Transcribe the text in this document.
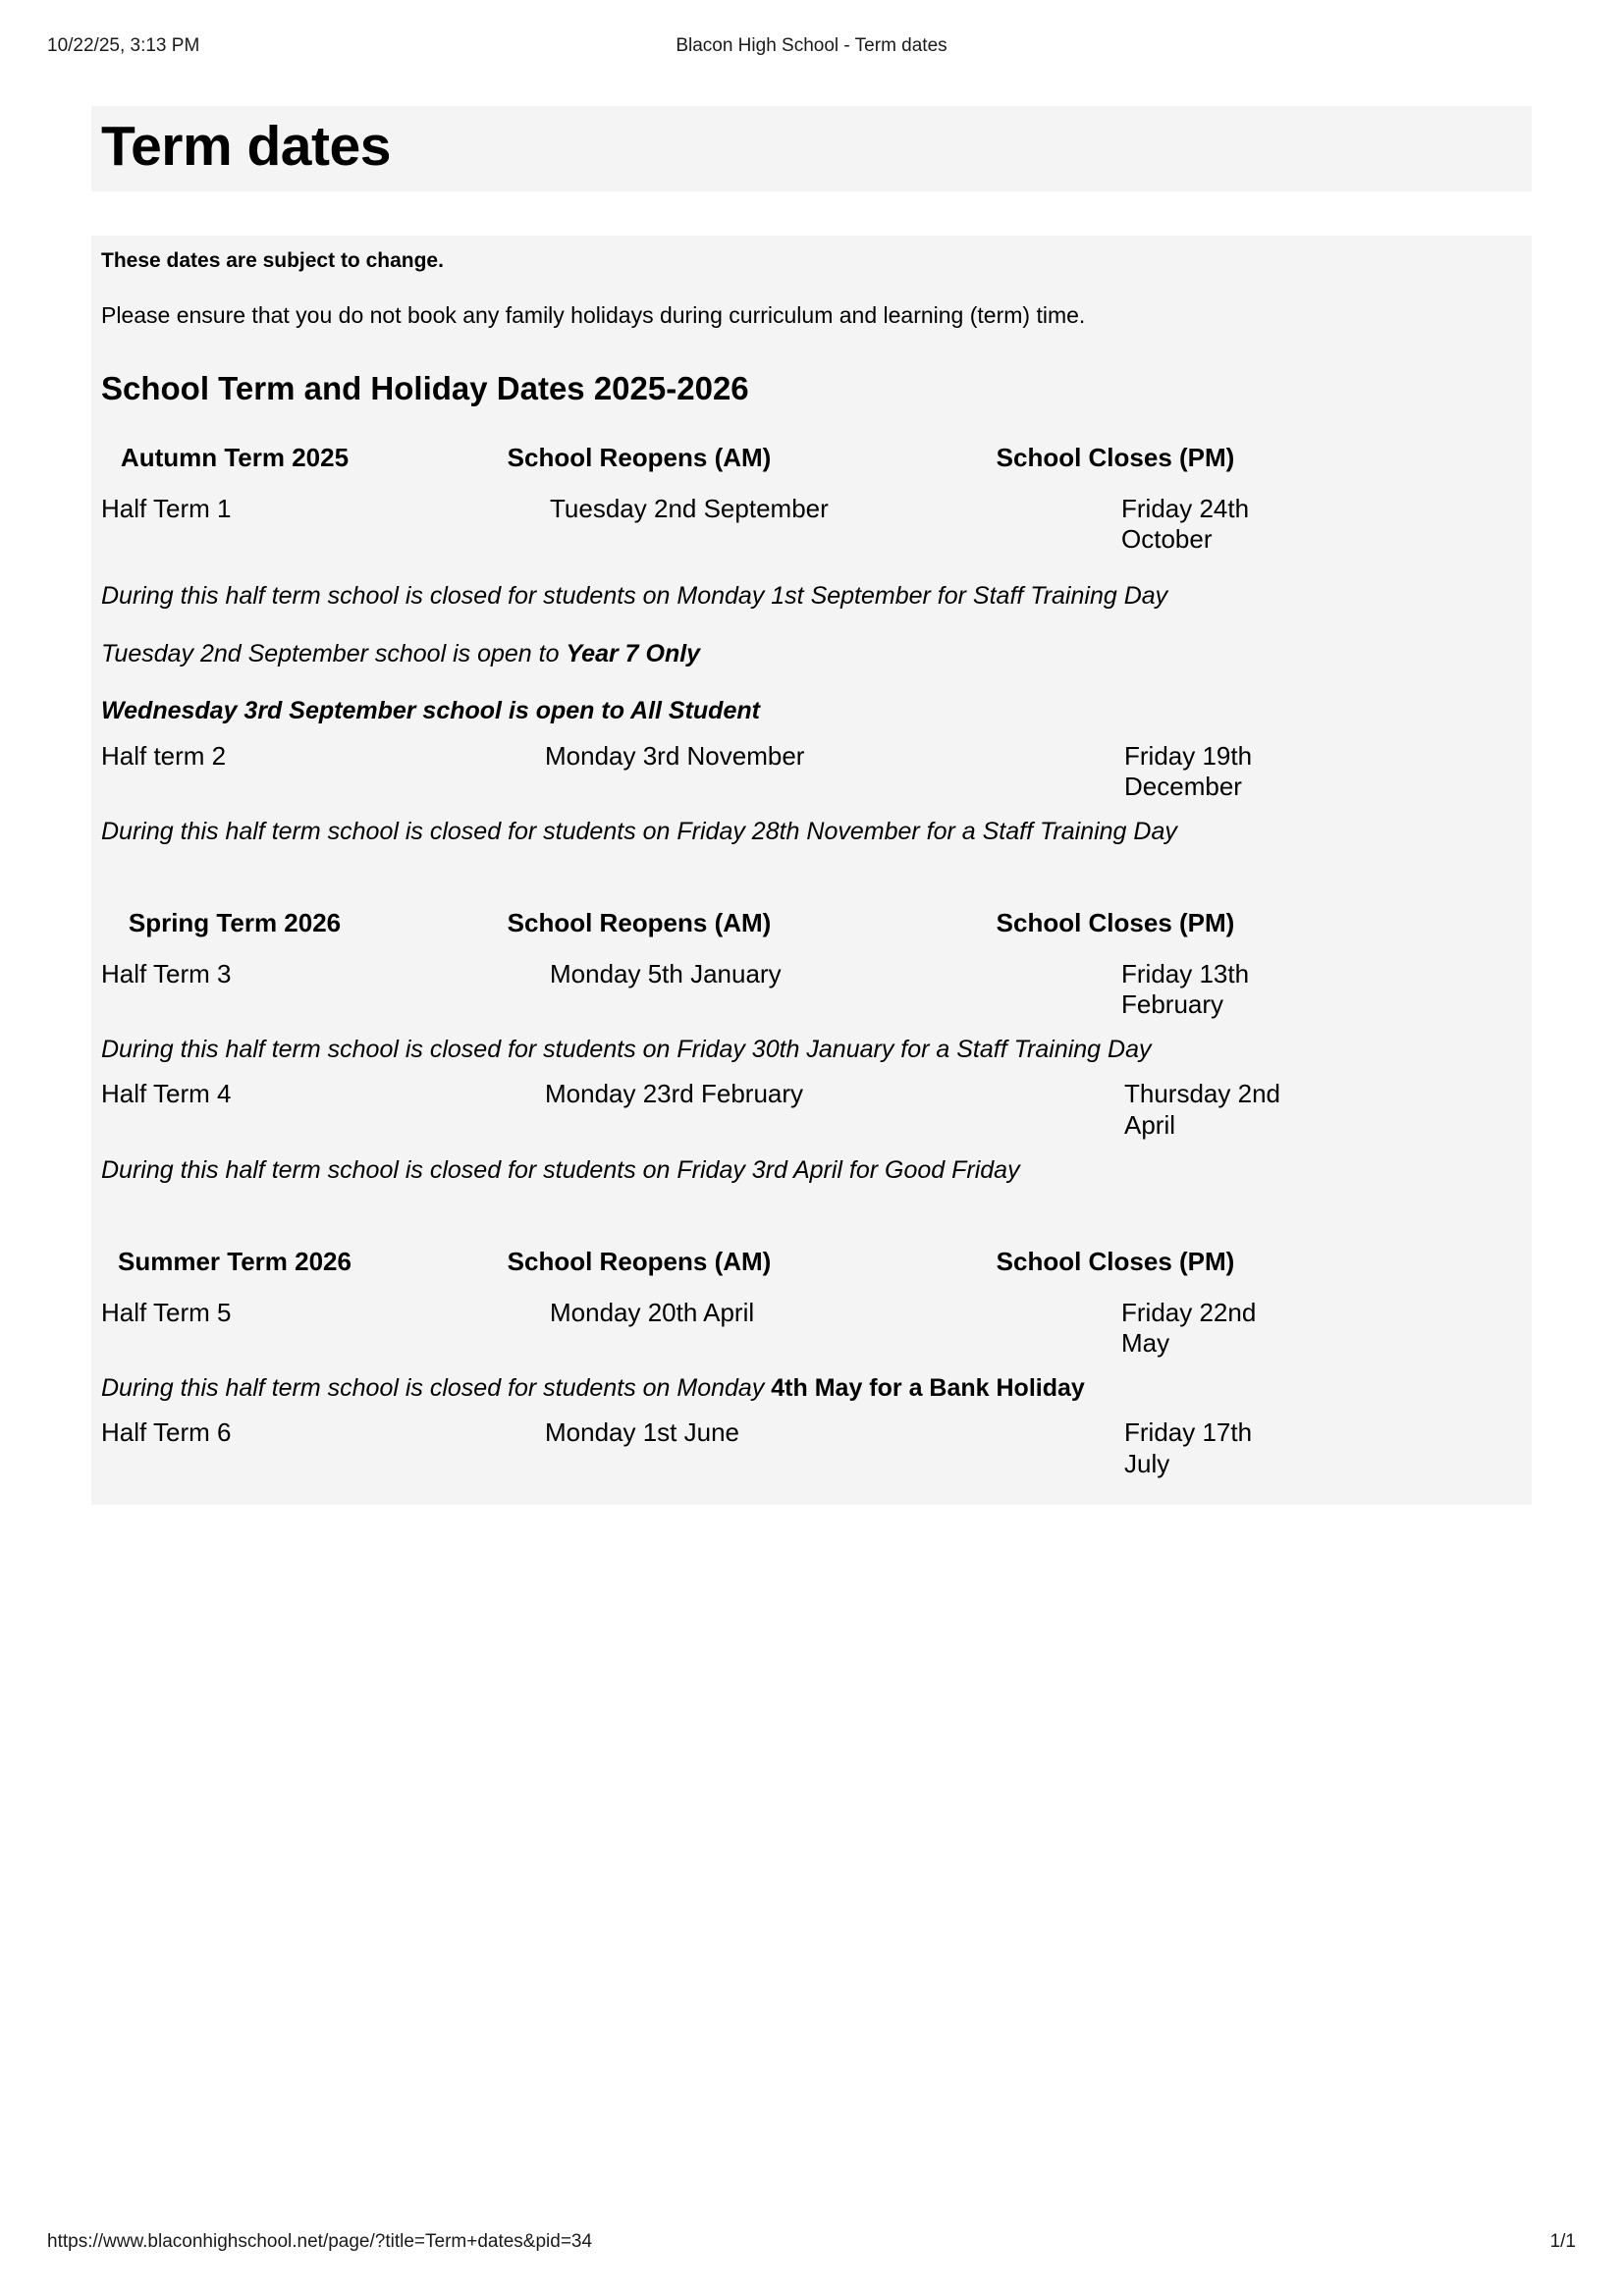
10/22/25, 3:13 PM	Blacon High School - Term dates
Term dates

These dates are subject to change.

Please ensure that you do not book any family holidays during curriculum and learning (term) time.

School Term and Holiday Dates 2025-2026
Autumn Term 2025	School Reopens (AM)	School Closes (PM)
Half Term 1	Tuesday 2nd September	Friday 24th October

During this half term school is closed for students on Monday 1st September for Staff Training Day

Tuesday 2nd September school is open to Year 7 Only

Wednesday 3rd September school is open to All Student

Half term 2	Monday 3rd November	Friday 19th December

During this half term school is closed for students on Friday 28th November for a Staff Training Day

Spring Term 2026	School Reopens (AM)	School Closes (PM)
Half Term 3	Monday 5th January	Friday 13th February

During this half term school is closed for students on Friday 30th January for a Staff Training Day

Half Term 4	Monday 23rd February	Thursday 2nd April

During this half term school is closed for students on Friday 3rd April for Good Friday

Summer Term 2026	School Reopens (AM)	School Closes (PM)
Half Term 5	Monday 20th April	Friday 22nd May

During this half term school is closed for students on Monday 4th May for a Bank Holiday

Half Term 6	Monday 1st June	Friday 17th July
https://www.blaconhighschool.net/page/?title=Term+dates&pid=34	1/1
